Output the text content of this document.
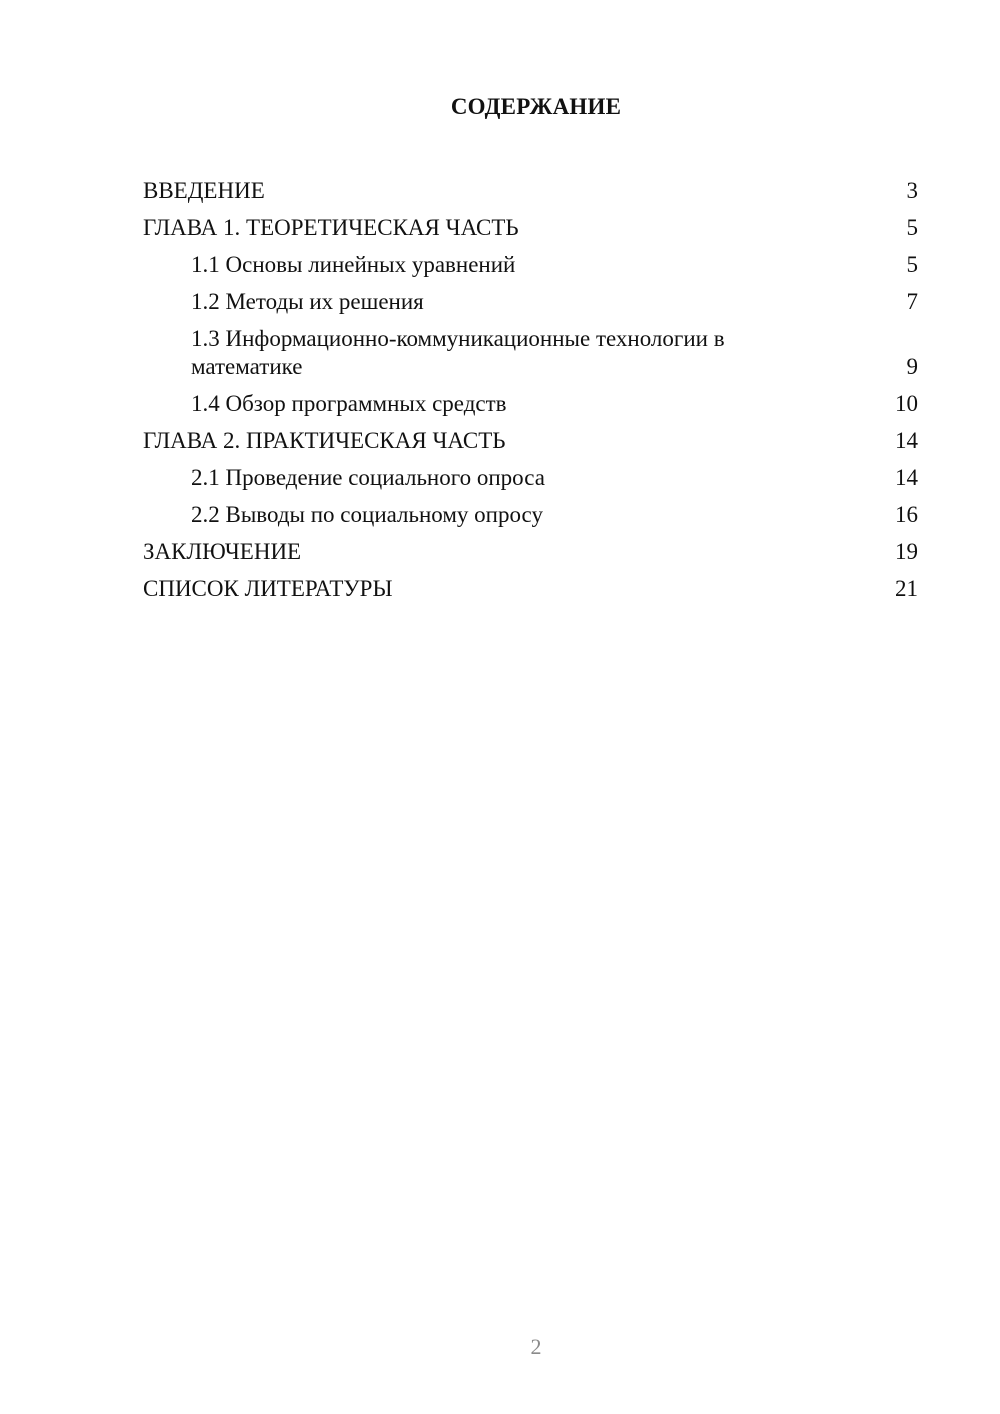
СОДЕРЖАНИЕ
ВВЕДЕНИЕ	3
ГЛАВА 1. ТЕОРЕТИЧЕСКАЯ ЧАСТЬ	5
1.1 Основы линейных уравнений	5
1.2 Методы их решения	7
1.3 Информационно-коммуникационные технологии в математике	9
1.4 Обзор программных средств	10
ГЛАВА 2. ПРАКТИЧЕСКАЯ ЧАСТЬ	14
2.1 Проведение социального опроса	14
2.2 Выводы по социальному опросу	16
ЗАКЛЮЧЕНИЕ	19
СПИСОК ЛИТЕРАТУРЫ	21
2
